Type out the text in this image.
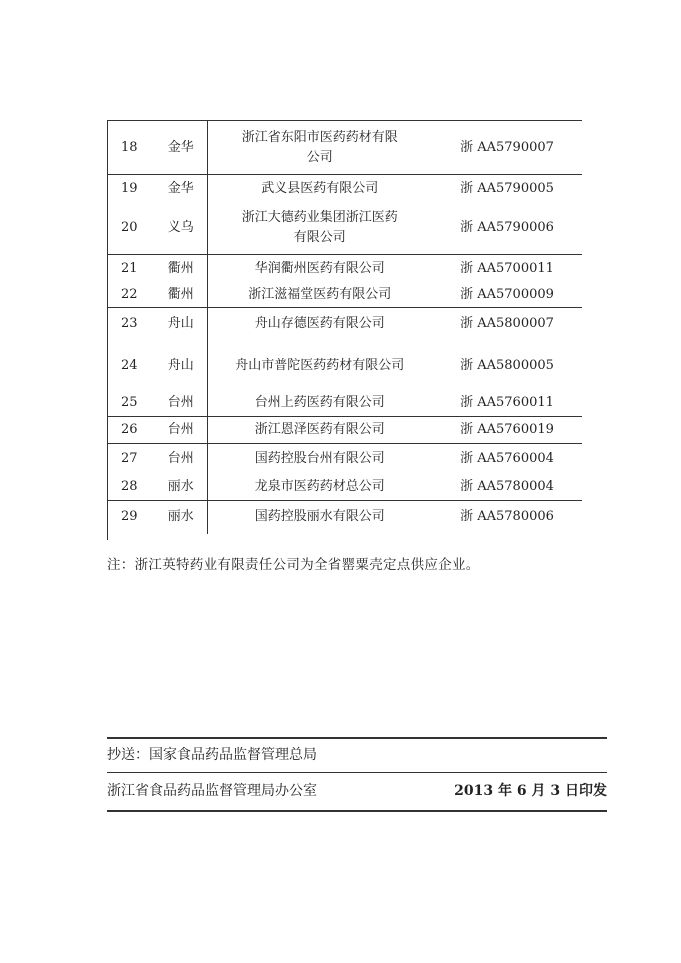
18	金华	浙江省东阳市医药药材有限公司	浙 AA5790007
19	金华	武义县医药有限公司	浙 AA5790005
20	义乌	浙江大德药业集团浙江医药有限公司	浙 AA5790006
21	衢州	华润衢州医药有限公司	浙 AA5700011
22	衢州	浙江滋福堂医药有限公司	浙 AA5700009
23	舟山	舟山存德医药有限公司	浙 AA5800007
24	舟山	舟山市普陀医药药材有限公司	浙 AA5800005
25	台州	台州上药医药有限公司	浙 AA5760011
26	台州	浙江恩泽医药有限公司	浙 AA5760019
27	台州	国药控股台州有限公司	浙 AA5760004
28	丽水	龙泉市医药药材总公司	浙 AA5780004
29	丽水	国药控股丽水有限公司	浙 AA5780006
注：浙江英特药业有限责任公司为全省罂粟壳定点供应企业。
抄送：国家食品药品监督管理总局
浙江省食品药品监督管理局办公室	2013 年 6 月 3 日印发
